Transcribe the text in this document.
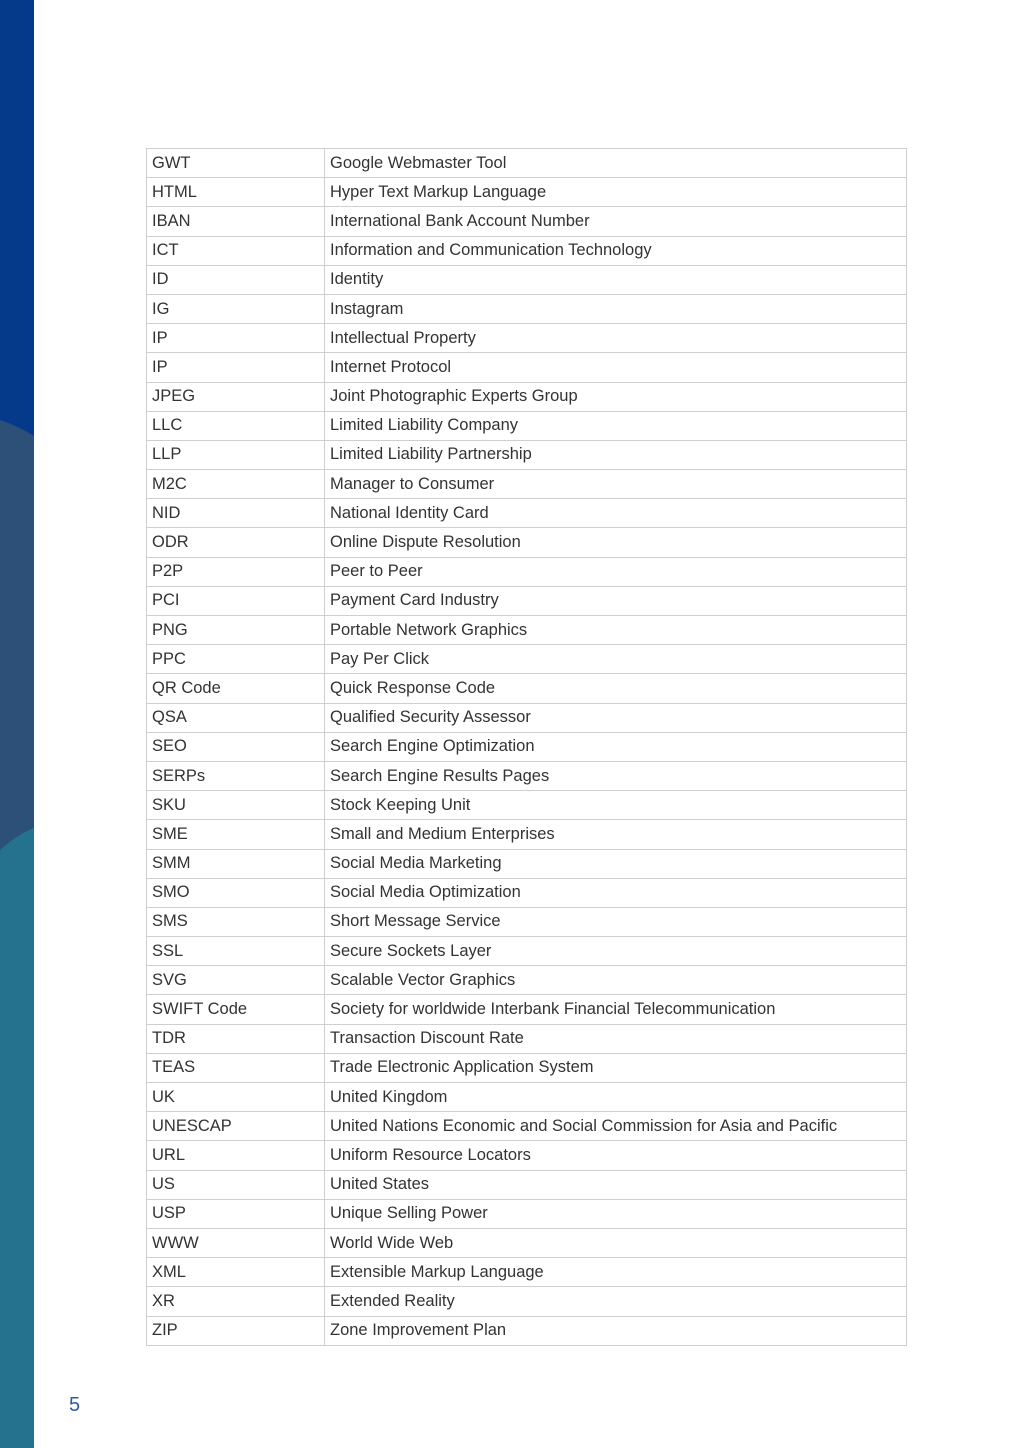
GWT	Google Webmaster Tool
HTML	Hyper Text Markup Language
IBAN	International Bank Account Number
ICT	Information and Communication Technology
ID	Identity
IG	Instagram
IP	Intellectual Property
IP	Internet Protocol
JPEG	Joint Photographic Experts Group
LLC	Limited Liability Company
LLP	Limited Liability Partnership
M2C	Manager to Consumer
NID	National Identity Card
ODR	Online Dispute Resolution
P2P	Peer to Peer
PCI	Payment Card Industry
PNG	Portable Network Graphics
PPC	Pay Per Click
QR Code	Quick Response Code
QSA	Qualified Security Assessor
SEO	Search Engine Optimization
SERPs	Search Engine Results Pages
SKU	Stock Keeping Unit
SME	Small and Medium Enterprises
SMM	Social Media Marketing
SMO	Social Media Optimization
SMS	Short Message Service
SSL	Secure Sockets Layer
SVG	Scalable Vector Graphics
SWIFT Code	Society for worldwide Interbank Financial Telecommunication
TDR	Transaction Discount Rate
TEAS	Trade Electronic Application System
UK	United Kingdom
UNESCAP	United Nations Economic and Social Commission for Asia and Pacific
URL	Uniform Resource Locators
US	United States
USP	Unique Selling Power
WWW	World Wide Web
XML	Extensible Markup Language
XR	Extended Reality
ZIP	Zone Improvement Plan
5
